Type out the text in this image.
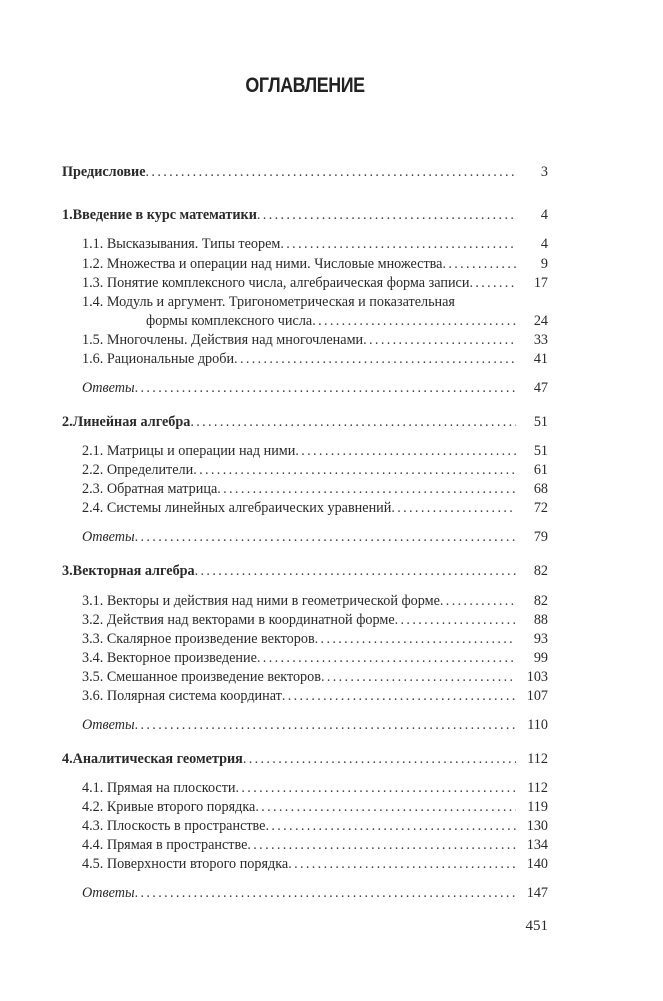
ОГЛАВЛЕНИЕ
Предисловие . . .	3
1. Введение в курс математики . . .	4
1.1. Высказывания. Типы теорем . . .	4
1.2. Множества и операции над ними. Числовые множества . . .	9
1.3. Понятие комплексного числа, алгебраическая форма записи . . .	17
1.4. Модуль и аргумент. Тригонометрическая и показательная
формы комплексного числа . . .	24
1.5. Многочлены. Действия над многочленами . . .	33
1.6. Рациональные дроби . . .	41
Ответы . . .	47
2. Линейная алгебра . . .	51
2.1. Матрицы и операции над ними . . .	51
2.2. Определители . . .	61
2.3. Обратная матрица . . .	68
2.4. Системы линейных алгебраических уравнений . . .	72
Ответы . . .	79
3. Векторная алгебра . . .	82
3.1. Векторы и действия над ними в геометрической форме . . .	82
3.2. Действия над векторами в координатной форме . . .	88
3.3. Скалярное произведение векторов . . .	93
3.4. Векторное произведение . . .	99
3.5. Смешанное произведение векторов . . .	103
3.6. Полярная система координат . . .	107
Ответы . . .	110
4. Аналитическая геометрия . . .	112
4.1. Прямая на плоскости . . .	112
4.2. Кривые второго порядка . . .	119
4.3. Плоскость в пространстве . . .	130
4.4. Прямая в пространстве . . .	134
4.5. Поверхности второго порядка . . .	140
Ответы . . .	147
451
